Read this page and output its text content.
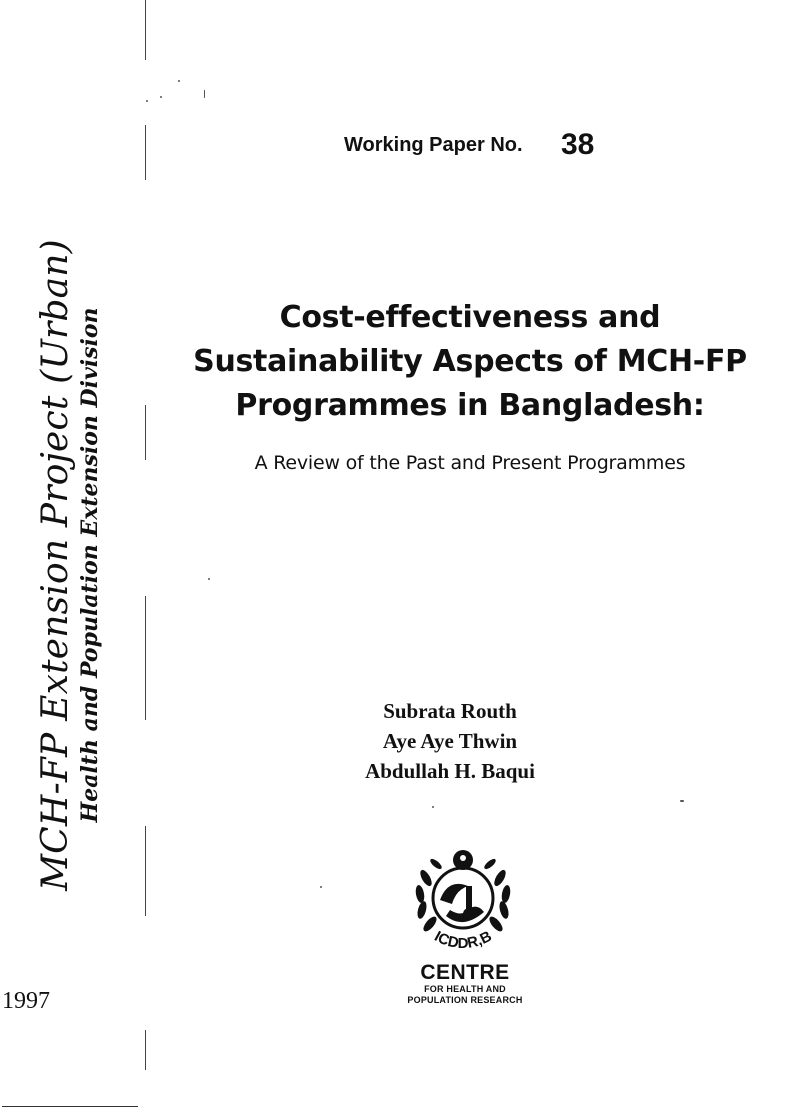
MCH-FP Extension Project (Urban) Health and Population Extension Division
1997
Working Paper No. 38
Cost-effectiveness and
Sustainability Aspects of MCH-FP
Programmes in Bangladesh:
A Review of the Past and Present Programmes
Subrata Routh
Aye Aye Thwin
Abdullah H. Baqui
ICDDR,B
CENTRE
FOR HEALTH AND
POPULATION RESEARCH
